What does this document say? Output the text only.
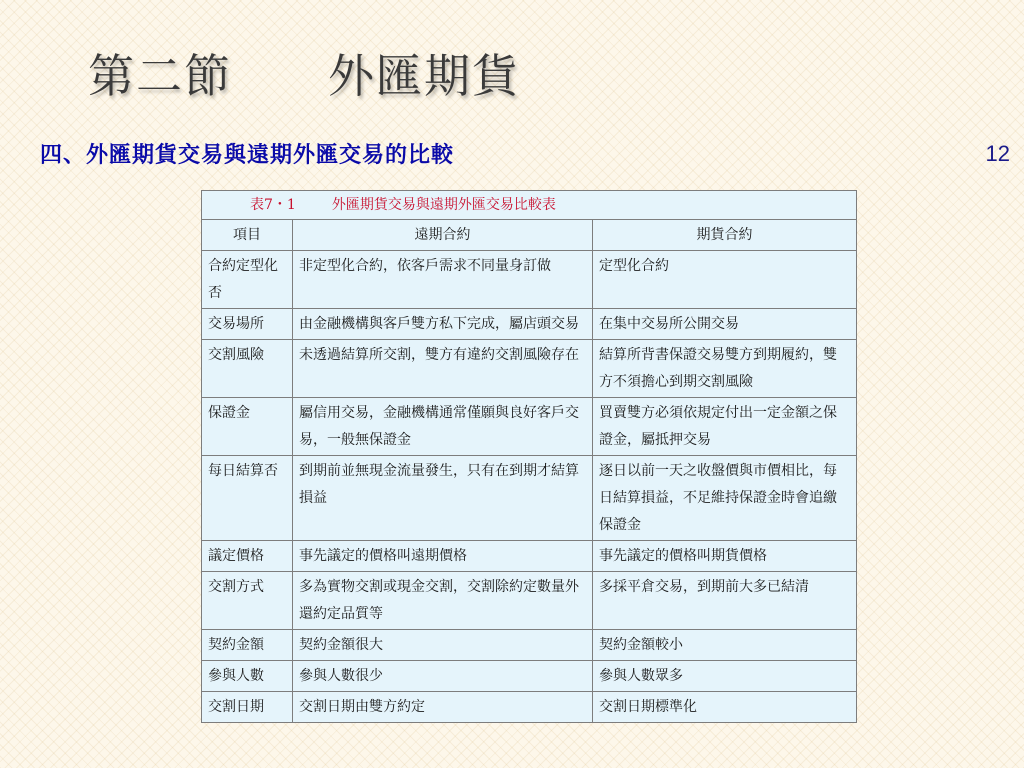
第二節 外匯期貨
四、外匯期貨交易與遠期外匯交易的比較	12
表7・1 外匯期貨交易與遠期外匯交易比較表		
項目	遠期合約	期貨合約
合約定型化否	非定型化合約，依客戶需求不同量身訂做	定型化合約
交易場所	由金融機構與客戶雙方私下完成，屬店頭交易	在集中交易所公開交易
交割風險	未透過結算所交割，雙方有違約交割風險存在	結算所背書保證交易雙方到期履約，雙方不須擔心到期交割風險
保證金	屬信用交易，金融機構通常僅願與良好客戶交易，一般無保證金	買賣雙方必須依規定付出一定金額之保證金，屬抵押交易
每日結算否	到期前並無現金流量發生，只有在到期才結算損益	逐日以前一天之收盤價與市價相比，每日結算損益，不足維持保證金時會追繳保證金
議定價格	事先議定的價格叫遠期價格	事先議定的價格叫期貨價格
交割方式	多為實物交割或現金交割，交割除約定數量外還約定品質等	多採平倉交易，到期前大多已結清
契約金額	契約金額很大	契約金額較小
參與人數	參與人數很少	參與人數眾多
交割日期	交割日期由雙方約定	交割日期標準化
